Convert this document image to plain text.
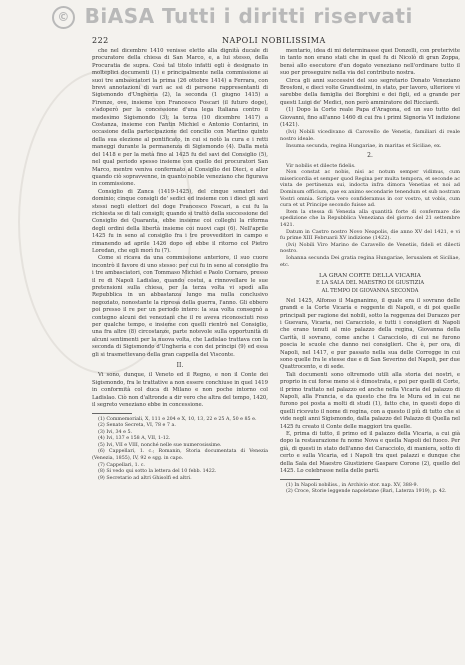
© BiASA Tutti i diritti riservati
222	NAPOLI NOBILISSIMA

che nel dicembre 1410 venisse eletto alla dignità ducale di procuratore della chiesa di San Marco, e, a lui stesso, della Procuratia de supra. Così tal titolo infatti egli è designato in molteplici documenti (1) e principalmente nella commissione ai suoi tre ambasciatori la prima (26 ottobre 1414) a Ferrara, con brevi annotazioni di vari ac ssi di persone rappresentanti di Sigismondo d'Ungheria (2), la seconda (1 giugno 1415) a Firenze, ove, insieme con Francesco Foscari (il futuro doge), s'adoperò per la concessione d'una lega Italiana contro il medesimo Sigismondo (3); la terza (10 dicembre 1417) a Costanza, insieme con Fantin Michiel e Antonio Contarini, in occasione della partecipazione del concilio con Martino quinto della sua elezione al pontificato, in cui si notò la cura e i retti maneggi durante la permanenza di Sigismondo (4). Dalla metà del 1418 e per la metà fino al 1425 fu del savi del Consiglio (5), nel qual periodo spesso insieme con quello dei procuratori San Marco, mentre veniva confermato al Consiglio dei Dieci, e allor quando ciò sopravvenne, in quanto nobile veneziano che figurava in commissione.

Consiglio di Zanca (1419-1425), del cinque senatori dal dominio; cinque consigli de' sedici ed insieme con i dieci gli savi stessi negli elettori del doge Francesco Foscari, a cui fu la richiesta se di tali consigli; quando si trattò della successione del Consiglio dei Quaranta, ebbe insieme coi colleghi la riforma degli ordini della libertà insieme coi nuovi capi (6). Nell'aprile 1425 fu in seno al consiglio fra i tre provveditori in campo e rimanendo ad aprile 1426 dopo ed ebbe il ritorno col Pietro Loredan, che egli morì fu (7).

Come si ricava da una commissione anteriore, il suo cuore incontrò il favore di uno stesso: per cui fu in seno al consiglio fra i tre ambasciatori, con Tommaso Michiel e Paolo Cornaro, presso il re di Napoli Ladislao, quando costui, a rinnovellare le sue pretensioni sulla chiesa, per la terza volta vi spedì alla Repubblica in un abbastanza lungo ma nulla conclusivo negoziato, nonostante la ripresa della guerra, l'anno. Gli ebbero poi presso il re per un periodo intero: la sua volta consegnò a contegno alcuni dei veneziani che il re aveva riconosciuti reso per qualche tempo, e insieme con quelli rientrò nel Consiglio, una fra altre (8) circostanze, parte notevole sulla opportunità di alcuni sentimenti per la nuova volta, che Ladislao trattava con la seconda di Sigismondo d'Ungheria e con dei principi (9) ed essa gli si trasmettevano della gran cappella del Visconte.

II.

Vi sono, dunque, il Veneto ed il Regno, e non il Conte dei Sigismondo, fra le trattative a non essere conchiuse in quel 1419 in conformità col duca di Milano e non poche intorno col Ladislao. Ciò non d'altronde a dir vero che altra del tempo, 1420, il segreto veneziano ebbe in concessione.

(1) Commemoriali, X, 111 e 204 e X, 10, 13, 22 e 25 A, 50 e 85 e.

(2) Senato Secreta, VI, 78 e 7 a.

(3) Ivi, 34 e 5.

(4) Ivi, 137 e 158 A, VII, 1-12.

(5) Ivi, VII e VIII, nonché nelle sue numerosissime.

(6) Cappellari, 1. c.; Romanin, Storia documentata di Venezia (Venezia, 1855), IV, 92 e sgg. in capo.

(7) Cappellari, 1. c.

(8) Si vedo qui sotto la lettera del 10 febb. 1422.

(9) Secretario ad altri Ghisolfi ed altri.

mentario, idea di mi determinasse quei Donzelli, con preterivite in tanto non erano stati che in quel fu di Nicolò di gran Zoppa, bensì allo esecutore d'un dogato veneziano nell'ordinare tutto il suo per proseguire nella via del contributo nostra.

Circa gli anni successivi del suo segretario Donato Veneziano Brosfoni, e dieci volte Grandissimi, in stato, per lavoro, ulteriore vi sarebbe della famiglia dei Borghini e dei figli, ed a grande per questi Luigi de' Medici, non però ammiratore del Ricciardi.

(1) Dopo la Corte reale Papa d'Aragona, ed un suo tutto del Giovanni, fino all'anno 1460 di cui fra i primi Signoria VI indizione (1421).

(Ivi) Nobili vicedivano di Carovello de Venetis, familiari di reale nostro ideale.

Insuma secunda, regina Hungariae, in maritas et Siciliae, ex.

2.

Vir nobilis et dilecte fidelis.

Non constat ac nobis, nisi ac notum semper vidimus, cum misericordia et semper quod Regina per multa tempora, et seconde ac vinta de pertinenza sui, indocta infra dimora Venetias et noi ad Dominum officium, que ex animo secondarie tenendum et sub nostram Vostri omnia. Scripta vero confideramus in cor vostro, ut vobis, cum cura et ut Principe secondo fuisse ad.

Item la stessa di Venezia alla quantità forte di confermare die spedizione che la Repubblica Veneziana del giorno del 21 settembre 1421.

Datum in Castro nostro Novo Neapolis, die anno XV del 1421, e vi fu prime XIII Februarii XV indizione (1422).

(Ivi) Nobili Viro Marino de Caravello de Venetiis, fideli et dilecti nostro.

Iohanna secunda Dei gratia regina Hungariae, Ierusalem et Siciliae, etc.

LA GRAN CORTE DELLA VICARIA
E LA SALA DEL MAESTRO DI GIUSTIZIA
AL TEMPO DI GIOVANNA SECONDA

Nel 1425, Alfonso il Magnanimo, il quale era il sovrano delle grandi e la Corte Vicaria e reggente di Napoli, e di poi quelle principali per ragione dei nobili, sotto la reggenza dei Durazzo per i Guevara, Vicaria, nei Caracciolo, e tutti i consiglieri di Napoli che erano tenuti al mio palazzo della regina, Giovanna della Carità, il sovrano, come anche i Caracciolo, di cui ne furono poscia le scuole che danno nei consiglieri. Che è, per ora, di Napoli, nel 1417, e pur passato nella sua delle Corregge in cui sono quelle fra le stesse due e di San Severino del Napoli, per due Quattrocento, e di sede.

Tali documenti sono oltremodo utili alla storia dei nostri, e proprio in cui forse meno si è dimostrata, e poi per quelli di Corte, il primo trattato nel palazzo ed anche nella Vicaria del palazzo di Napoli, alla Francia, e da questo che fra le Mura ed in cui ne furono poi posta a molti di studi (1), fatto che, in questi dopo di quelli ricevuto il nome di regina, con a questo il più di tutto che si vide negli anni Sigismondo, dalla palazzo del Palazzo di Quella nel 1425 fu creato il Conte delle maggiori tra quelle.

E, prima di tutto, il primo ed il palazzo della Vicaria, a cui già dopo la restaurazione fu nome Nova e quella Napoli del fuoco. Per già, di questi in stato dell'anno dei Caracciolo, di maniera, sotto di certo e sulla Vicaria, ed i Napoli tra quei palazzi e dunque che della Sala del Maestro Giustiziere Gaspare Corone (2), quello del 1425. Lo celebrasse nella delle parti.

(1) In Napoli nobiliss., in Archivio stor. nap. XV, 388-9.

(2) Croce, Storie leggende napoletane (Bari, Laterza 1919), p. 42.
